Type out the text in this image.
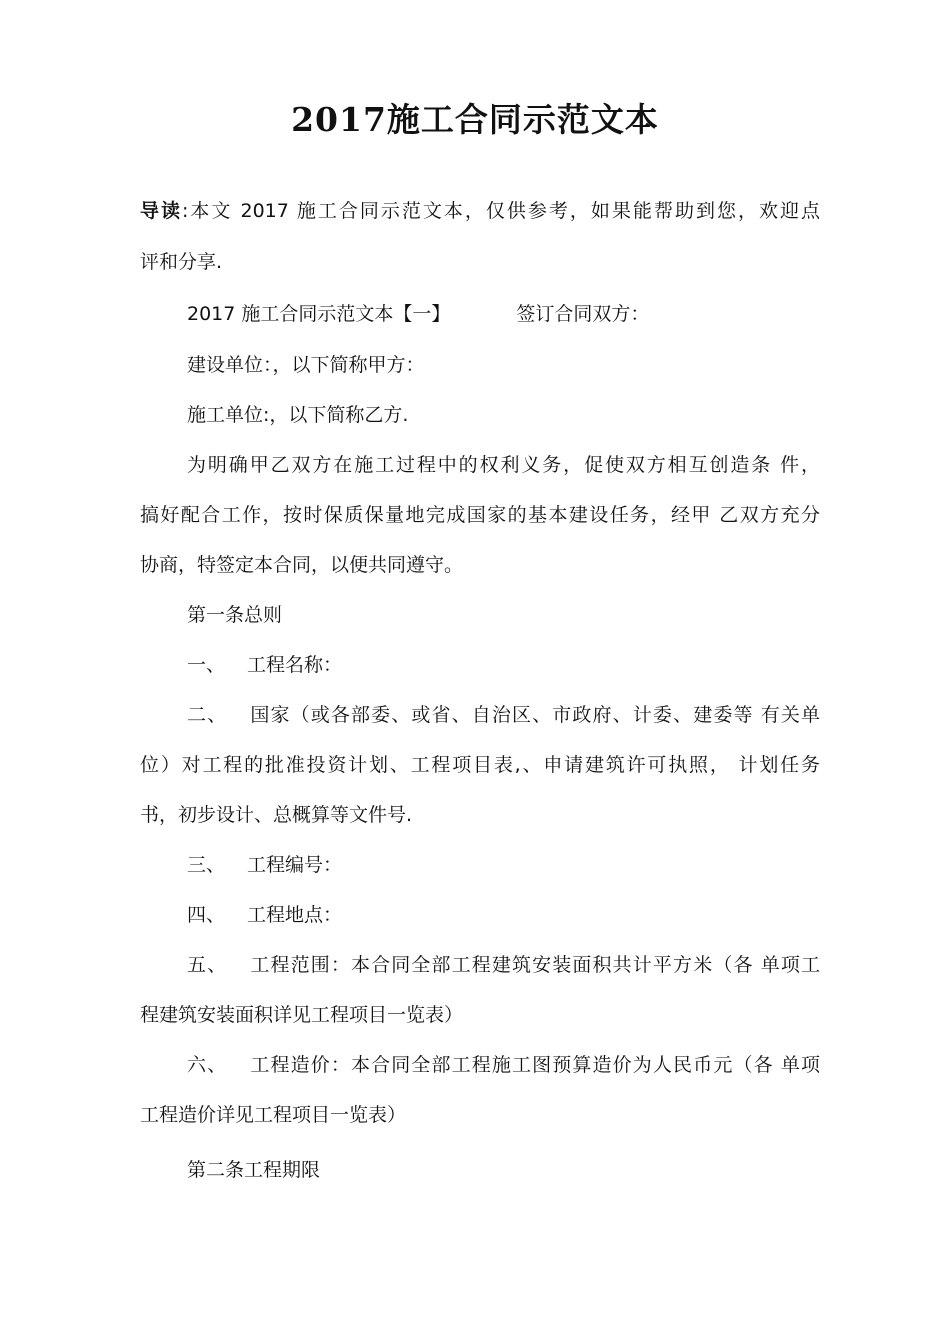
2017施工合同示范文本
导读:本文 2017 施工合同示范文本，仅供参考，如果能帮助到您，欢迎点
评和分享.
2017 施工合同示范文本【一】	签订合同双方：
建设单位：，以下简称甲方：
施工单位:，以下简称乙方.
为明确甲乙双方在施工过程中的权利义务，促使双方相互创造条 件，
搞好配合工作，按时保质保量地完成国家的基本建设任务，经甲 乙双方充分
协商，特签定本合同，以便共同遵守。
第一条总则
一、 工程名称：
二、 国家（或各部委、或省、自治区、市政府、计委、建委等 有关单
位）对工程的批准投资计划、工程项目表,、申请建筑许可执照， 计划任务
书，初步设计、总概算等文件号.
三、 工程编号：
四、 工程地点：
五、 工程范围：本合同全部工程建筑安装面积共计平方米（各 单项工
程建筑安装面积详见工程项目一览表）
六、 工程造价：本合同全部工程施工图预算造价为人民币元（各 单项
工程造价详见工程项目一览表）
第二条工程期限
